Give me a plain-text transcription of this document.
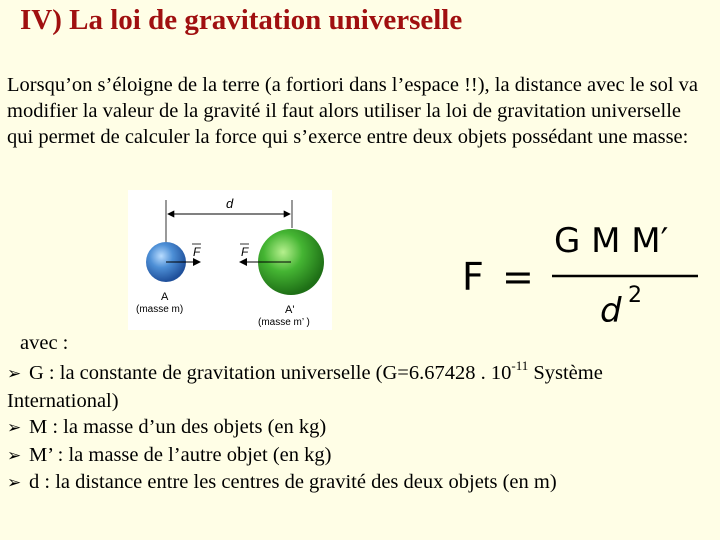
IV) La loi de gravitation universelle
Lorsqu’on s’éloigne de la terre (a fortiori dans l’espace !!), la distance avec le sol va modifier la valeur de la gravité il faut alors utiliser la loi de gravitation universelle qui permet de calculer la force qui s’exerce entre deux objets possédant une masse:
d
F	F
A
(masse m)	A'
(masse m’ )
F =
G M M′
d 2
avec :
➢ G : la constante de gravitation universelle (G=6.67428 . $10^{-11}$ Système International)
➢ M : la masse d’un des objets (en kg)
➢ M’ : la masse de l’autre objet (en kg)
➢ d : la distance entre les centres de gravité des deux objets (en m)
